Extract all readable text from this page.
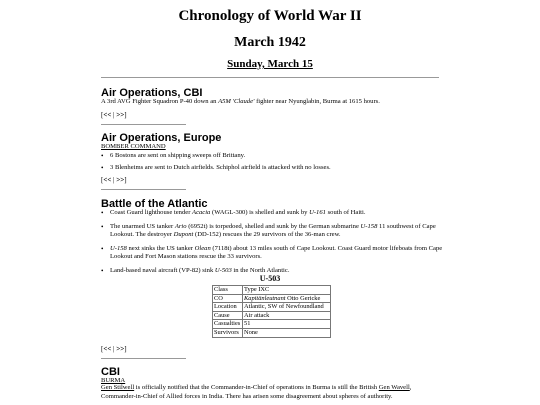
Chronology of World War II
March 1942
Sunday, March 15
Air Operations, CBI
A 3rd AVG Fighter Squadron P-40 down an A5M 'Claude' fighter near Nyunglabin, Burma at 1615 hours.
[<< | >>]
Air Operations, Europe
BOMBER COMMAND
• 6 Bostons are sent on shipping sweeps off Brittany.
• 3 Blenheims are sent to Dutch airfields. Schiphol airfield is attacked with no losses.
[<< | >>]
Battle of the Atlantic
• Coast Guard lighthouse tender Acacia (WAGL-300) is shelled and sunk by U-161 south of Haiti.
• The unarmed US tanker Ario (6952t) is torpedoed, shelled and sunk by the German submarine U-158 11 southwest of Cape Lookout. The destroyer Dupont (DD-152) rescues the 29 survivors of the 36-man crew.
• U-158 next sinks the US tanker Olean (7118t) about 13 miles south of Cape Lookout. Coast Guard motor lifeboats from Cape Lookout and Fort Mason stations rescue the 33 survivors.
• Land-based naval aircraft (VP-82) sink U-503 in the North Atlantic.
U-503
Class	Type IXC
CO	Kapitänleutnant Otto Gericke
Location	Atlantic, SW of Newfoundland
Cause	Air attack
Casualties	51
Survivors	None
[<< | >>]
CBI
BURMA
Gen Stilwell is officially notified that the Commander-in-Chief of operations in Burma is still the British Gen Wavell,
Commander-in-Chief of Allied forces in India. There has arisen some disagreement about spheres of authority.
